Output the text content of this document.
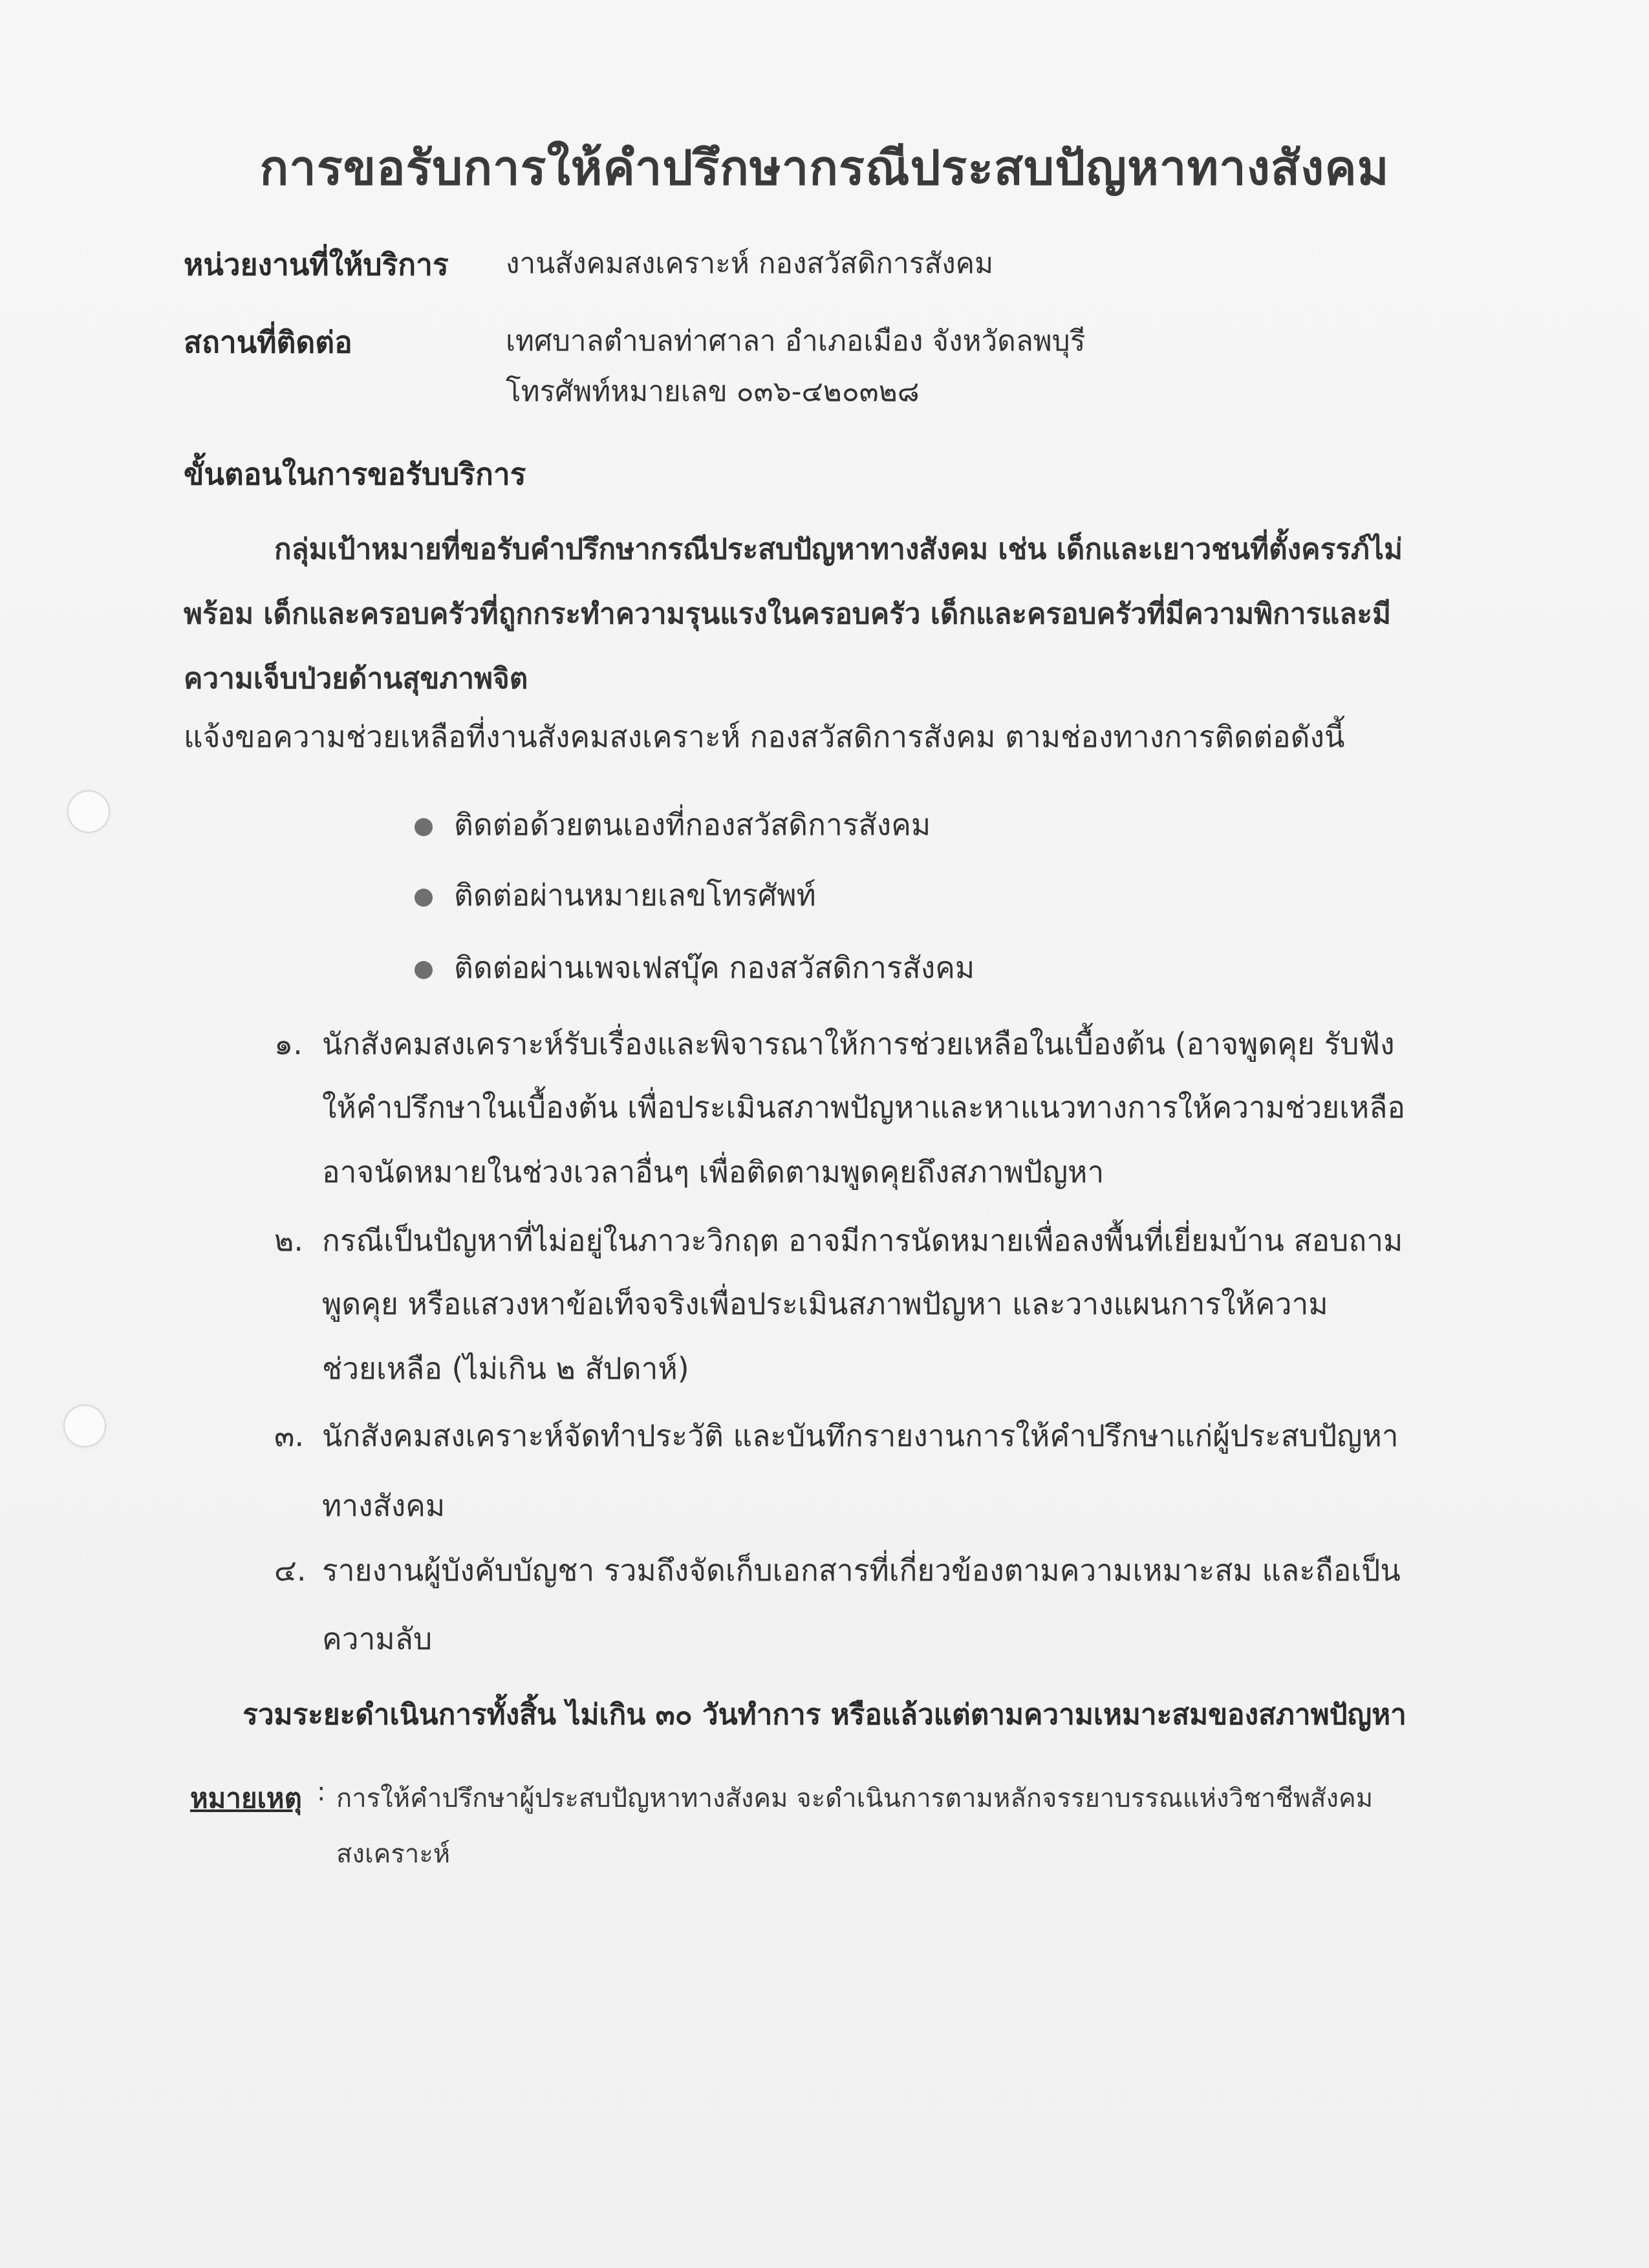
การขอรับการให้คำปรึกษากรณีประสบปัญหาทางสังคม
หน่วยงานที่ให้บริการ งานสังคมสงเคราะห์ กองสวัสดิการสังคม
สถานที่ติดต่อ	เทศบาลตำบลท่าศาลา อำเภอเมือง จังหวัดลพบุรี
โทรศัพท์หมายเลข ๐๓๖-๔๒๐๓๒๘
ขั้นตอนในการขอรับบริการ
กลุ่มเป้าหมายที่ขอรับคำปรึกษากรณีประสบปัญหาทางสังคม เช่น เด็กและเยาวชนที่ตั้งครรภ์ไม่
พร้อม เด็กและครอบครัวที่ถูกกระทำความรุนแรงในครอบครัว เด็กและครอบครัวที่มีความพิการและมี
ความเจ็บป่วยด้านสุขภาพจิต
แจ้งขอความช่วยเหลือที่งานสังคมสงเคราะห์ กองสวัสดิการสังคม ตามช่องทางการติดต่อดังนี้
ติดต่อด้วยตนเองที่กองสวัสดิการสังคม
ติดต่อผ่านหมายเลขโทรศัพท์
ติดต่อผ่านเพจเฟสบุ๊ค กองสวัสดิการสังคม
๑. นักสังคมสงเคราะห์รับเรื่องและพิจารณาให้การช่วยเหลือในเบื้องต้น (อาจพูดคุย รับฟัง
ให้คำปรึกษาในเบื้องต้น เพื่อประเมินสภาพปัญหาและหาแนวทางการให้ความช่วยเหลือ
อาจนัดหมายในช่วงเวลาอื่นๆ เพื่อติดตามพูดคุยถึงสภาพปัญหา
๒. กรณีเป็นปัญหาที่ไม่อยู่ในภาวะวิกฤต อาจมีการนัดหมายเพื่อลงพื้นที่เยี่ยมบ้าน สอบถาม
พูดคุย หรือแสวงหาข้อเท็จจริงเพื่อประเมินสภาพปัญหา และวางแผนการให้ความ
ช่วยเหลือ (ไม่เกิน ๒ สัปดาห์)
๓. นักสังคมสงเคราะห์จัดทำประวัติ และบันทึกรายงานการให้คำปรึกษาแก่ผู้ประสบปัญหา
ทางสังคม
๔. รายงานผู้บังคับบัญชา รวมถึงจัดเก็บเอกสารที่เกี่ยวข้องตามความเหมาะสม และถือเป็น
ความลับ
รวมระยะดำเนินการทั้งสิ้น ไม่เกิน ๓๐ วันทำการ หรือแล้วแต่ตามความเหมาะสมของสภาพปัญหา
หมายเหตุ : การให้คำปรึกษาผู้ประสบปัญหาทางสังคม จะดำเนินการตามหลักจรรยาบรรณแห่งวิชาชีพสังคม
สงเคราะห์
